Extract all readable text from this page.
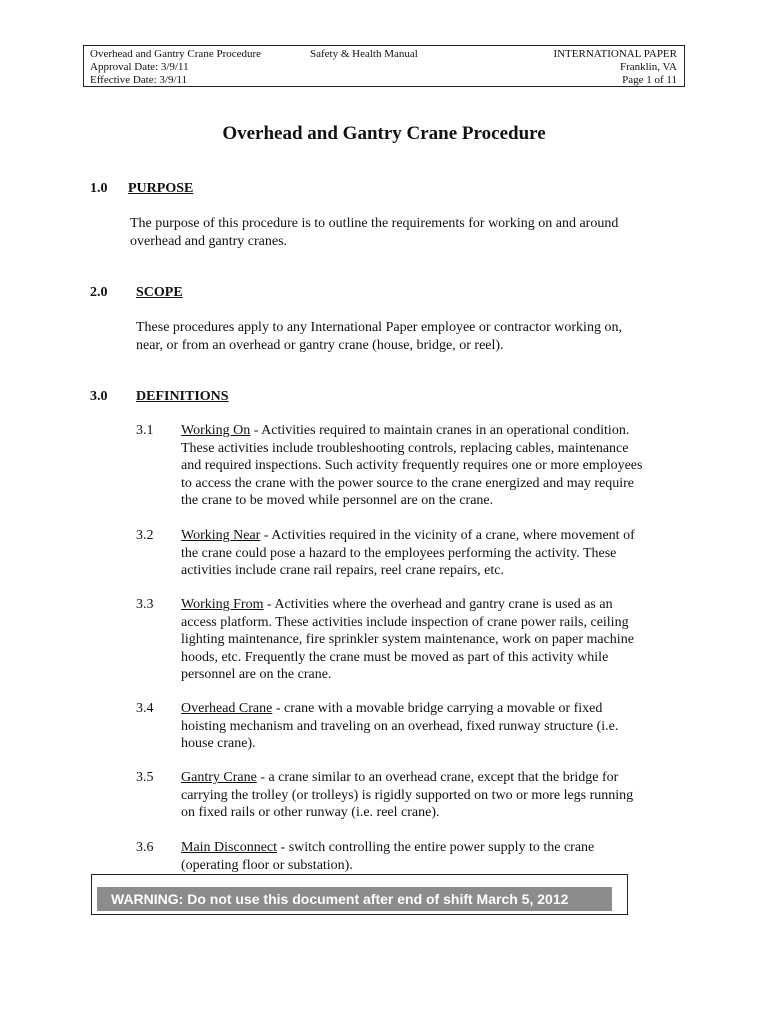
Overhead and Gantry Crane Procedure
Approval Date: 3/9/11
Effective Date: 3/9/11
Safety & Health Manual	INTERNATIONAL PAPER
Franklin, VA
Page 1 of 11
Overhead and Gantry Crane Procedure
1.0 PURPOSE
The purpose of this procedure is to outline the requirements for working on and around
overhead and gantry cranes.
2.0 SCOPE
These procedures apply to any International Paper employee or contractor working on,
near, or from an overhead or gantry crane (house, bridge, or reel).
3.0 DEFINITIONS
3.1 Working On - Activities required to maintain cranes in an operational condition.
These activities include troubleshooting controls, replacing cables, maintenance
and required inspections. Such activity frequently requires one or more employees
to access the crane with the power source to the crane energized and may require
the crane to be moved while personnel are on the crane.
3.2 Working Near - Activities required in the vicinity of a crane, where movement of
the crane could pose a hazard to the employees performing the activity. These
activities include crane rail repairs, reel crane repairs, etc.
3.3 Working From - Activities where the overhead and gantry crane is used as an
access platform. These activities include inspection of crane power rails, ceiling
lighting maintenance, fire sprinkler system maintenance, work on paper machine
hoods, etc. Frequently the crane must be moved as part of this activity while
personnel are on the crane.
3.4 Overhead Crane - crane with a movable bridge carrying a movable or fixed
hoisting mechanism and traveling on an overhead, fixed runway structure (i.e.
house crane).
3.5 Gantry Crane - a crane similar to an overhead crane, except that the bridge for
carrying the trolley (or trolleys) is rigidly supported on two or more legs running
on fixed rails or other runway (i.e. reel crane).
3.6 Main Disconnect - switch controlling the entire power supply to the crane
(operating floor or substation).
WARNING: Do not use this document after end of shift March 5, 2012
